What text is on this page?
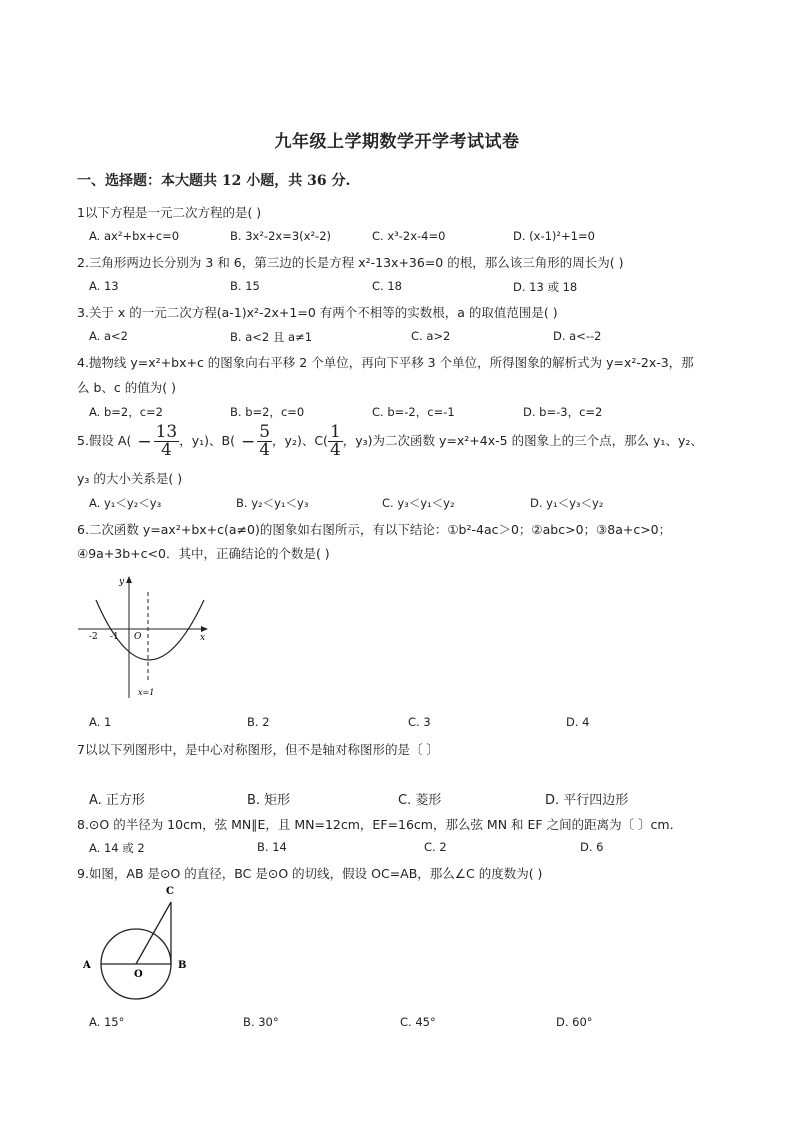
九年级上学期数学开学考试试卷
一、选择题：本大题共 12 小题，共 36 分.
1以下方程是一元二次方程的是( )
A. ax²+bx+c=0	B. 3x²-2x=3(x²-2)	C. x³-2x-4=0	D. (x-1)²+1=0
2.三角形两边长分别为 3 和 6，第三边的长是方程 x²-13x+36=0 的根，那么该三角形的周长为( )
A. 13	B. 15	C. 18	D. 13 或 18
3.关于 x 的一元二次方程(a-1)x²-2x+1=0 有两个不相等的实数根，a 的取值范围是( )
A. a<2	B. a<2 且 a≠1	C. a>2	D. a<--2
4.抛物线 y=x²+bx+c 的图象向右平移 2 个单位，再向下平移 3 个单位，所得图象的解析式为 y=x²-2x-3，那
么 b、c 的值为( )
A. b=2，c=2	B. b=2，c=0	C. b=-2，c=-1	D. b=-3，c=2
5.假设 $A( - \frac{13}{4}$ ，y₁)、$B( - \frac{5}{4}$ ，y₂)、$C( \frac{1}{4}$ ，y₃)为二次函数 y=x²+4x-5 的图象上的三个点，那么 y₁、y₂、
y₃ 的大小关系是( )
A. y₁＜y₂＜y₃	B. y₂＜y₁＜y₃	C. y₃＜y₁＜y₂	D. y₁＜y₃＜y₂
6.二次函数 y=ax²+bx+c(a≠0)的图象如右图所示，有以下结论：①b²-4ac＞0；②abc>0；③8a+c>0；
④9a+3b+c<0．其中，正确结论的个数是( )
y
x
O
-2 -1
x=1
A. 1	B. 2	C. 3	D. 4
7以以下列图形中，是中心对称图形，但不是轴对称图形的是〔 〕
A. 正方形	B. 矩形	C. 菱形	D. 平行四边形
8.⊙O 的半径为 10cm，弦 MN∥E，且 MN=12cm，EF=16cm，那么弦 MN 和 EF 之间的距离为〔 〕cm．
A. 14 或 2	B. 14	C. 2	D. 6
9.如图，AB 是⊙O 的直径，BC 是⊙O 的切线，假设 OC=AB，那么∠C 的度数为( )
A	B
C
O
A. 15°	B. 30°	C. 45°	D. 60°
